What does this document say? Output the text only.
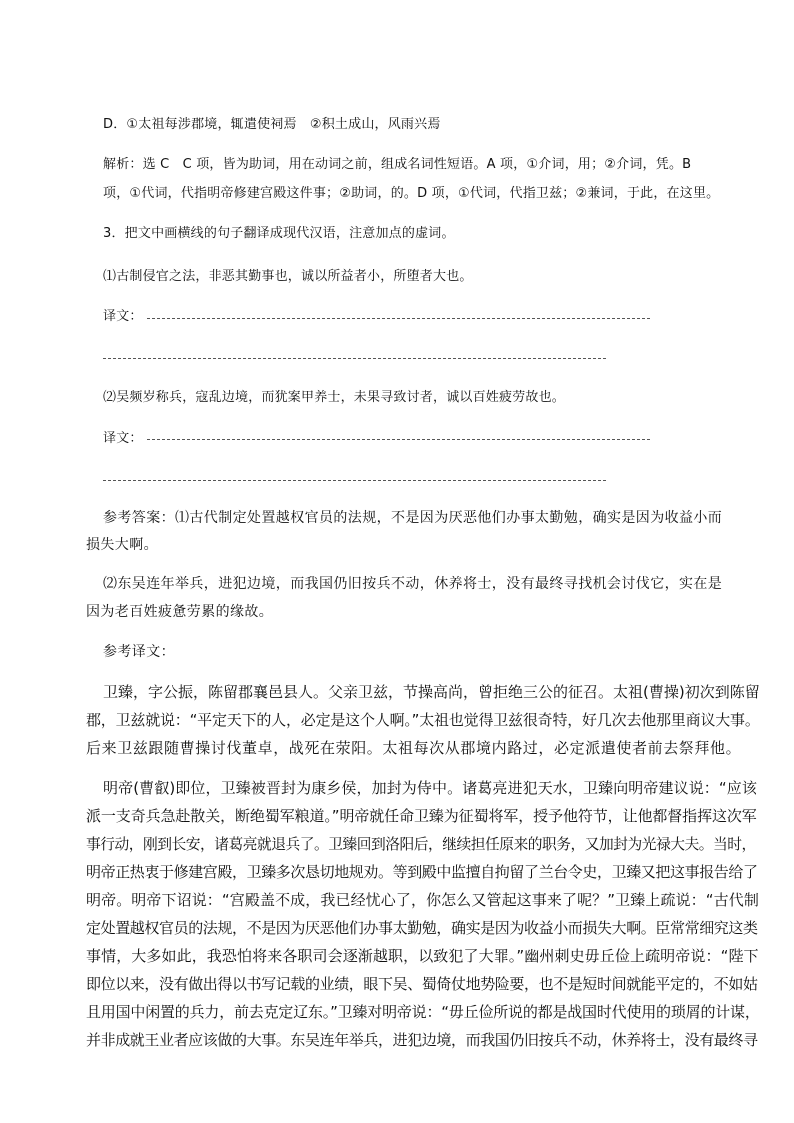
D．①太祖每涉郡境，辄遣使祠焉　②积土成山，风雨兴焉
解析：选 C　C 项，皆为助词，用在动词之前，组成名词性短语。A 项，①介词，用；②介词，凭。B
项，①代词，代指明帝修建宫殿这件事；②助词，的。D 项，①代词，代指卫兹；②兼词，于此，在这里。
3．把文中画横线的句子翻译成现代汉语，注意加点的虚词。
⑴古制侵官之法，非恶其勤事也，诚以所益者小，所堕者大也。
译文：
⑵吴频岁称兵，寇乱边境，而犹案甲养士，未果寻致讨者，诚以百姓疲劳故也。
译文：
参考答案：⑴古代制定处置越权官员的法规，不是因为厌恶他们办事太勤勉，确实是因为收益小而
损失大啊。
⑵东吴连年举兵，进犯边境，而我国仍旧按兵不动，休养将士，没有最终寻找机会讨伐它，实在是
因为老百姓疲惫劳累的缘故。
参考译文：
卫臻，字公振，陈留郡襄邑县人。父亲卫兹，节操高尚，曾拒绝三公的征召。太祖(曹操)初次到陈留
郡，卫兹就说：“平定天下的人，必定是这个人啊。”太祖也觉得卫兹很奇特，好几次去他那里商议大事。
后来卫兹跟随曹操讨伐董卓，战死在荥阳。太祖每次从郡境内路过，必定派遣使者前去祭拜他。
明帝(曹叡)即位，卫臻被晋封为康乡侯，加封为侍中。诸葛亮进犯天水，卫臻向明帝建议说：“应该
派一支奇兵急赴散关，断绝蜀军粮道。”明帝就任命卫臻为征蜀将军，授予他符节，让他都督指挥这次军
事行动，刚到长安，诸葛亮就退兵了。卫臻回到洛阳后，继续担任原来的职务，又加封为光禄大夫。当时，
明帝正热衷于修建宫殿，卫臻多次恳切地规劝。等到殿中监擅自拘留了兰台令史，卫臻又把这事报告给了
明帝。明帝下诏说：“宫殿盖不成，我已经忧心了，你怎么又管起这事来了呢？”卫臻上疏说：“古代制
定处置越权官员的法规，不是因为厌恶他们办事太勤勉，确实是因为收益小而损失大啊。臣常常细究这类
事情，大多如此，我恐怕将来各职司会逐渐越职，以致犯了大罪。”幽州刺史毋丘俭上疏明帝说：“陛下
即位以来，没有做出得以书写记载的业绩，眼下吴、蜀倚仗地势险要，也不是短时间就能平定的，不如姑
且用国中闲置的兵力，前去克定辽东。”卫臻对明帝说：“毋丘俭所说的都是战国时代使用的琐屑的计谋，
并非成就王业者应该做的大事。东吴连年举兵，进犯边境，而我国仍旧按兵不动，休养将士，没有最终寻
